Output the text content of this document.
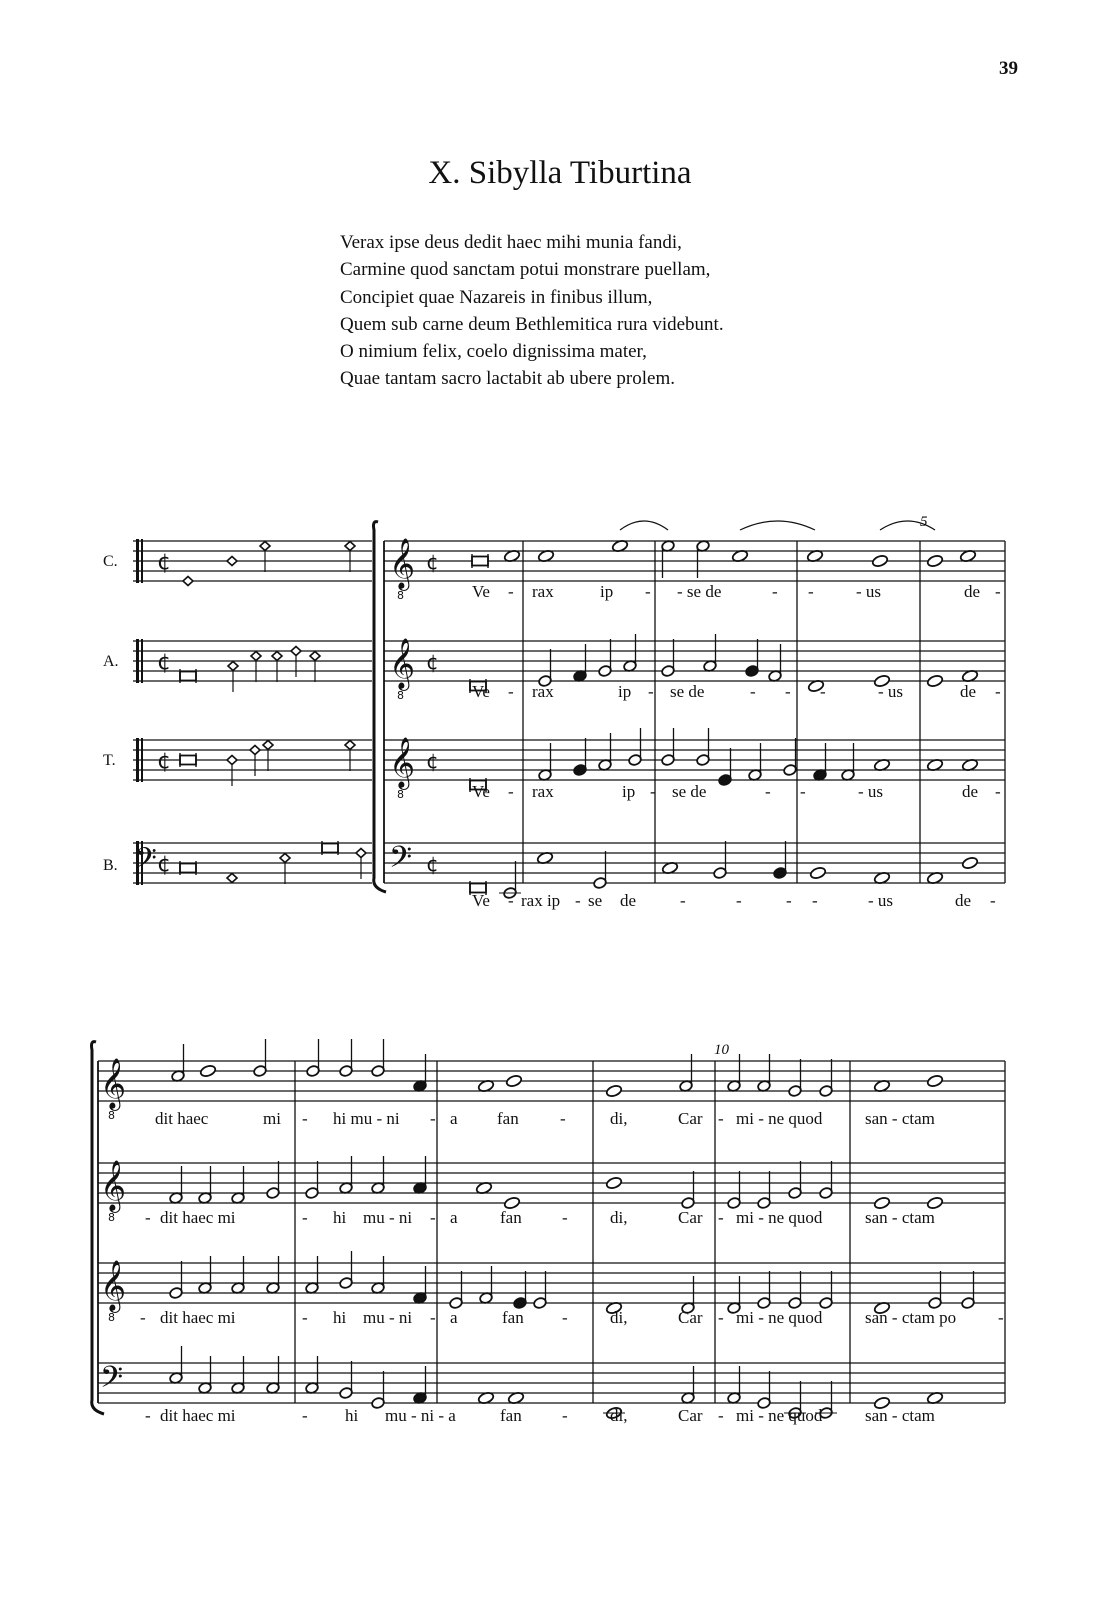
39
X. Sibylla Tiburtina
Verax ipse deus dedit haec mihi munia fandi,
Carmine quod sanctam potui monstrare puellam,
Concipiet quae Nazareis in finibus illum,
Quem sub carne deum Bethlemitica rura videbunt.
O nimium felix, coelo dignissima mater,
Quae tantam sacro lactabit ab ubere prolem.
C.
A.
T.
B.
5
10
¢	𝄞
8
¢
¢	𝄞
8
¢
¢	𝄞
8
¢
¢	𝄢 ¢
𝄢
𝄞
8
𝄞
8
𝄞
8
𝄢
Ve - rax	ip - - se de	- - - us	de -
Ve - rax	ip - se de	- - -	- us	de -
Ve - rax	ip - se de	- -	- us	de -
Ve - rax ip - se de	-	-	- -	- us	de -
dit haec	mi - hi mu - ni - a fan -	di,	Car - mi - ne quod	san - ctam
- dit haec mi	- hi mu - ni - a fan - di,	Car - mi - ne quod	san - ctam
- dit haec mi	- hi mu - ni - a	fan - di,	Car - mi - ne quod	san - ctam po -
- dit haec mi	- hi mu - ni - a	fan - di,	Car - mi - ne quod	san - ctam
